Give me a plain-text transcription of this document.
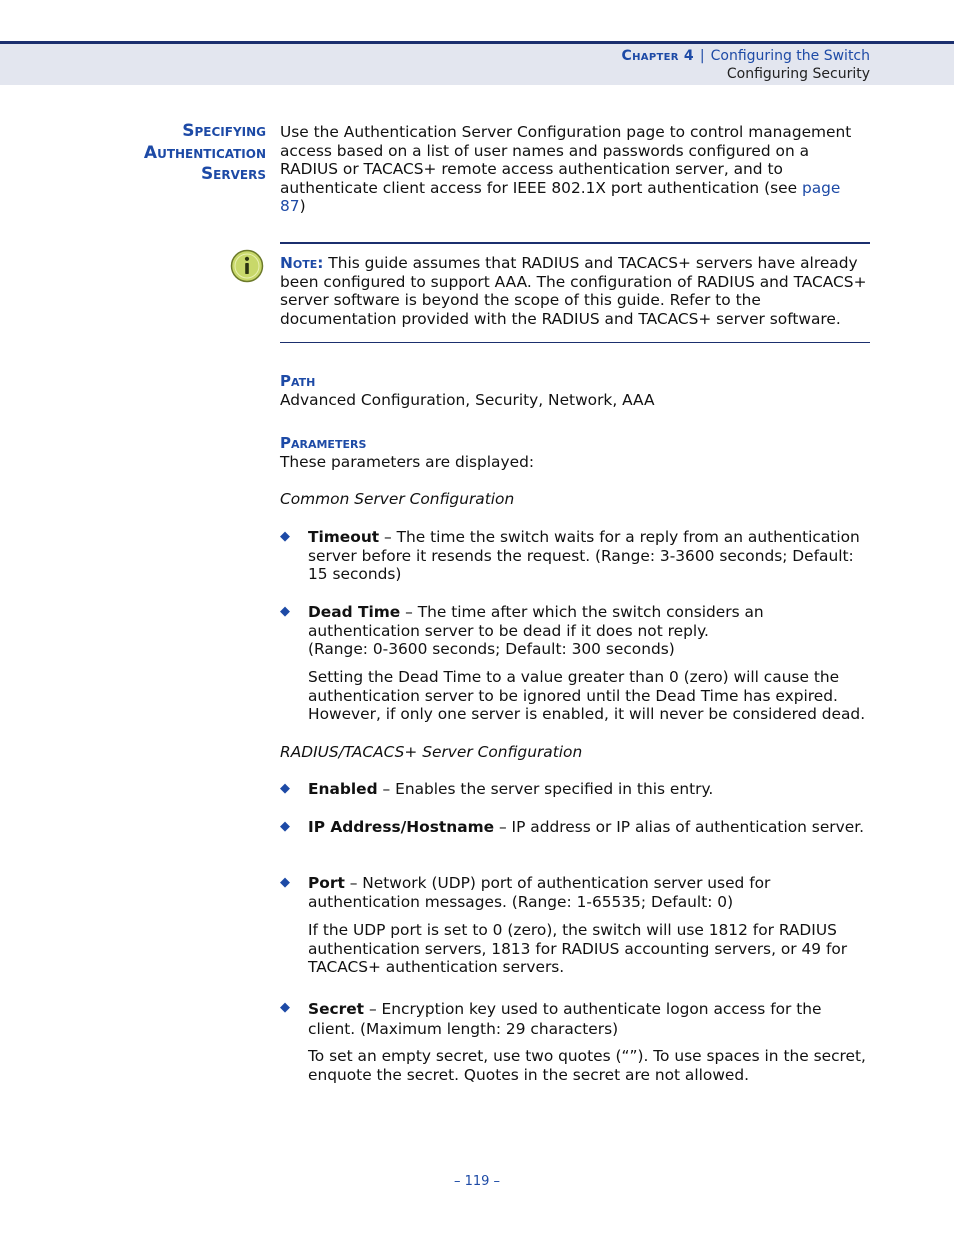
Chapter 4 | Configuring the Switch
Configuring Security
Specifying
Authentication
Servers

Use the Authentication Server Configuration page to control management access based on a list of user names and passwords configured on a RADIUS or TACACS+ remote access authentication server, and to authenticate client access for IEEE 802.1X port authentication (see page 87)

Note: This guide assumes that RADIUS and TACACS+ servers have already been configured to support AAA. The configuration of RADIUS and TACACS+ server software is beyond the scope of this guide. Refer to the documentation provided with the RADIUS and TACACS+ server software.
Path
Advanced Configuration, Security, Network, AAA
Parameters
These parameters are displayed:
Common Server Configuration
◆ Timeout – The time the switch waits for a reply from an authentication server before it resends the request. (Range: 3-3600 seconds; Default: 15 seconds)
◆ Dead Time – The time after which the switch considers an authentication server to be dead if it does not reply.
(Range: 0-3600 seconds; Default: 300 seconds)
Setting the Dead Time to a value greater than 0 (zero) will cause the authentication server to be ignored until the Dead Time has expired. However, if only one server is enabled, it will never be considered dead.
RADIUS/TACACS+ Server Configuration
◆ Enabled – Enables the server specified in this entry.
◆ IP Address/Hostname – IP address or IP alias of authentication server.
◆ Port – Network (UDP) port of authentication server used for authentication messages. (Range: 1-65535; Default: 0)
If the UDP port is set to 0 (zero), the switch will use 1812 for RADIUS authentication servers, 1813 for RADIUS accounting servers, or 49 for TACACS+ authentication servers.
◆ Secret – Encryption key used to authenticate logon access for the client. (Maximum length: 29 characters)
To set an empty secret, use two quotes (“”). To use spaces in the secret, enquote the secret. Quotes in the secret are not allowed.
– 119 –
